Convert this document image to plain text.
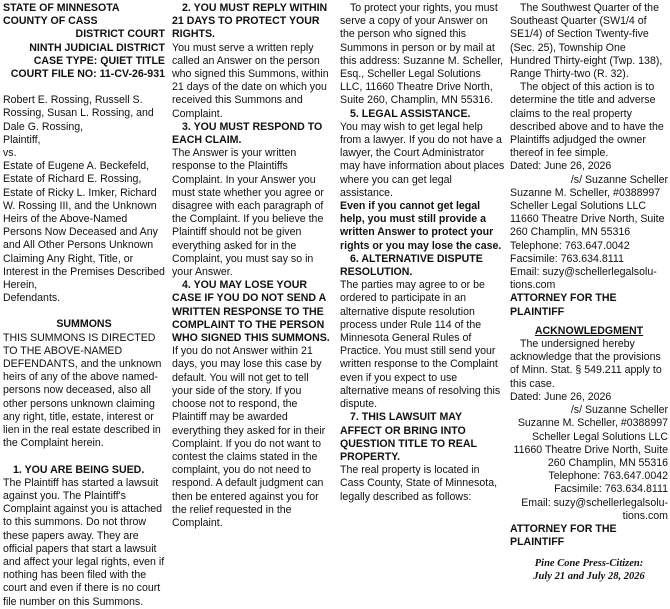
STATE OF MINNESOTA

COUNTY OF CASS

DISTRICT COURT

NINTH JUDICIAL DISTRICT

CASE TYPE: QUIET TITLE

COURT FILE NO: 11-CV-26-931

Robert E. Rossing, Russell S. Rossing, Susan L. Rossing, and Dale G. Rossing,

Plaintiff,

vs.

Estate of Eugene A. Beckefeld, Estate of Richard E. Rossing, Estate of Ricky L. Imker, Richard W. Rossing III, and the Unknown Heirs of the Above-Named Persons Now Deceased and Any and All Other Persons Unknown Claiming Any Right, Title, or Interest in the Premises Described Herein,

Defendants.

SUMMONS

THIS SUMMONS IS DIRECTED TO THE ABOVE-NAMED DEFENDANTS, and the unknown heirs of any of the above named-persons now deceased, also all other persons unknown claiming any right, title, estate, interest or lien in the real estate described in the Complaint herein.

1. YOU ARE BEING SUED.

The Plaintiff has started a lawsuit against you. The Plaintiff's Complaint against you is attached to this summons. Do not throw these papers away. They are official papers that start a lawsuit and affect your legal rights, even if nothing has been filed with the court and even if there is no court file number on this Summons.

2. YOU MUST REPLY WITHIN 21 DAYS TO PROTECT YOUR RIGHTS.

You must serve a written reply called an Answer on the person who signed this Summons, within 21 days of the date on which you received this Summons and Complaint.

3. YOU MUST RESPOND TO EACH CLAIM.

The Answer is your written response to the Plaintiffs Complaint. In your Answer you must state whether you agree or disagree with each paragraph of the Complaint. If you believe the Plaintiff should not be given everything asked for in the Complaint, you must say so in your Answer.

4. YOU MAY LOSE YOUR CASE IF YOU DO NOT SEND A WRITTEN RESPONSE TO THE COMPLAINT TO THE PERSON WHO SIGNED THIS SUMMONS.

If you do not Answer within 21 days, you may lose this case by default. You will not get to tell your side of the story. If you choose not to respond, the Plaintiff may be awarded everything they asked for in their Complaint. If you do not want to contest the claims stated in the complaint, you do not need to respond. A default judgment can then be entered against you for the relief requested in the Complaint.

To protect your rights, you must serve a copy of your Answer on the person who signed this Summons in person or by mail at this address: Suzanne M. Scheller, Esq., Scheller Legal Solutions LLC, 11660 Theatre Drive North, Suite 260, Champlin, MN 55316.

5. LEGAL ASSISTANCE.

You may wish to get legal help from a lawyer. If you do not have a lawyer, the Court Administrator may have information about places where you can get legal assistance.

Even if you cannot get legal help, you must still provide a written Answer to protect your rights or you may lose the case.

6. ALTERNATIVE DISPUTE RESOLUTION.

The parties may agree to or be ordered to participate in an alternative dispute resolution process under Rule 114 of the Minnesota General Rules of Practice. You must still send your written response to the Complaint even if you expect to use alternative means of resolving this dispute.

7. THIS LAWSUIT MAY AFFECT OR BRING INTO QUESTION TITLE TO REAL PROPERTY.

The real property is located in Cass County, State of Minnesota, legally described as follows:

The Southwest Quarter of the Southeast Quarter (SW1/4 of SE1/4) of Section Twenty-five (Sec. 25), Township One Hundred Thirty-eight (Twp. 138), Range Thirty-two (R. 32).

The object of this action is to determine the title and adverse claims to the real property described above and to have the Plaintiffs adjudged the owner thereof in fee simple.

Dated: June 26, 2026

/s/ Suzanne Scheller

Suzanne M. Scheller, #0388997

Scheller Legal Solutions LLC

11660 Theatre Drive North, Suite

260 Champlin, MN 55316

Telephone: 763.647.0042

Facsimile: 763.634.8111

Email: suzy@schellerlegalsolu-

tions.com

ATTORNEY FOR THE PLAINTIFF

ACKNOWLEDGMENT

The undersigned hereby acknowledge that the provisions of Minn. Stat. § 549.211 apply to this case.

Dated: June 26, 2026

/s/ Suzanne Scheller

Suzanne M. Scheller, #0388997

Scheller Legal Solutions LLC

11660 Theatre Drive North, Suite

260 Champlin, MN 55316

Telephone: 763.647.0042

Facsimile: 763.634.8111

Email: suzy@schellerlegalsolu-

tions.com

ATTORNEY FOR THE PLAINTIFF

Pine Cone Press-Citizen:

July 21 and July 28, 2026
